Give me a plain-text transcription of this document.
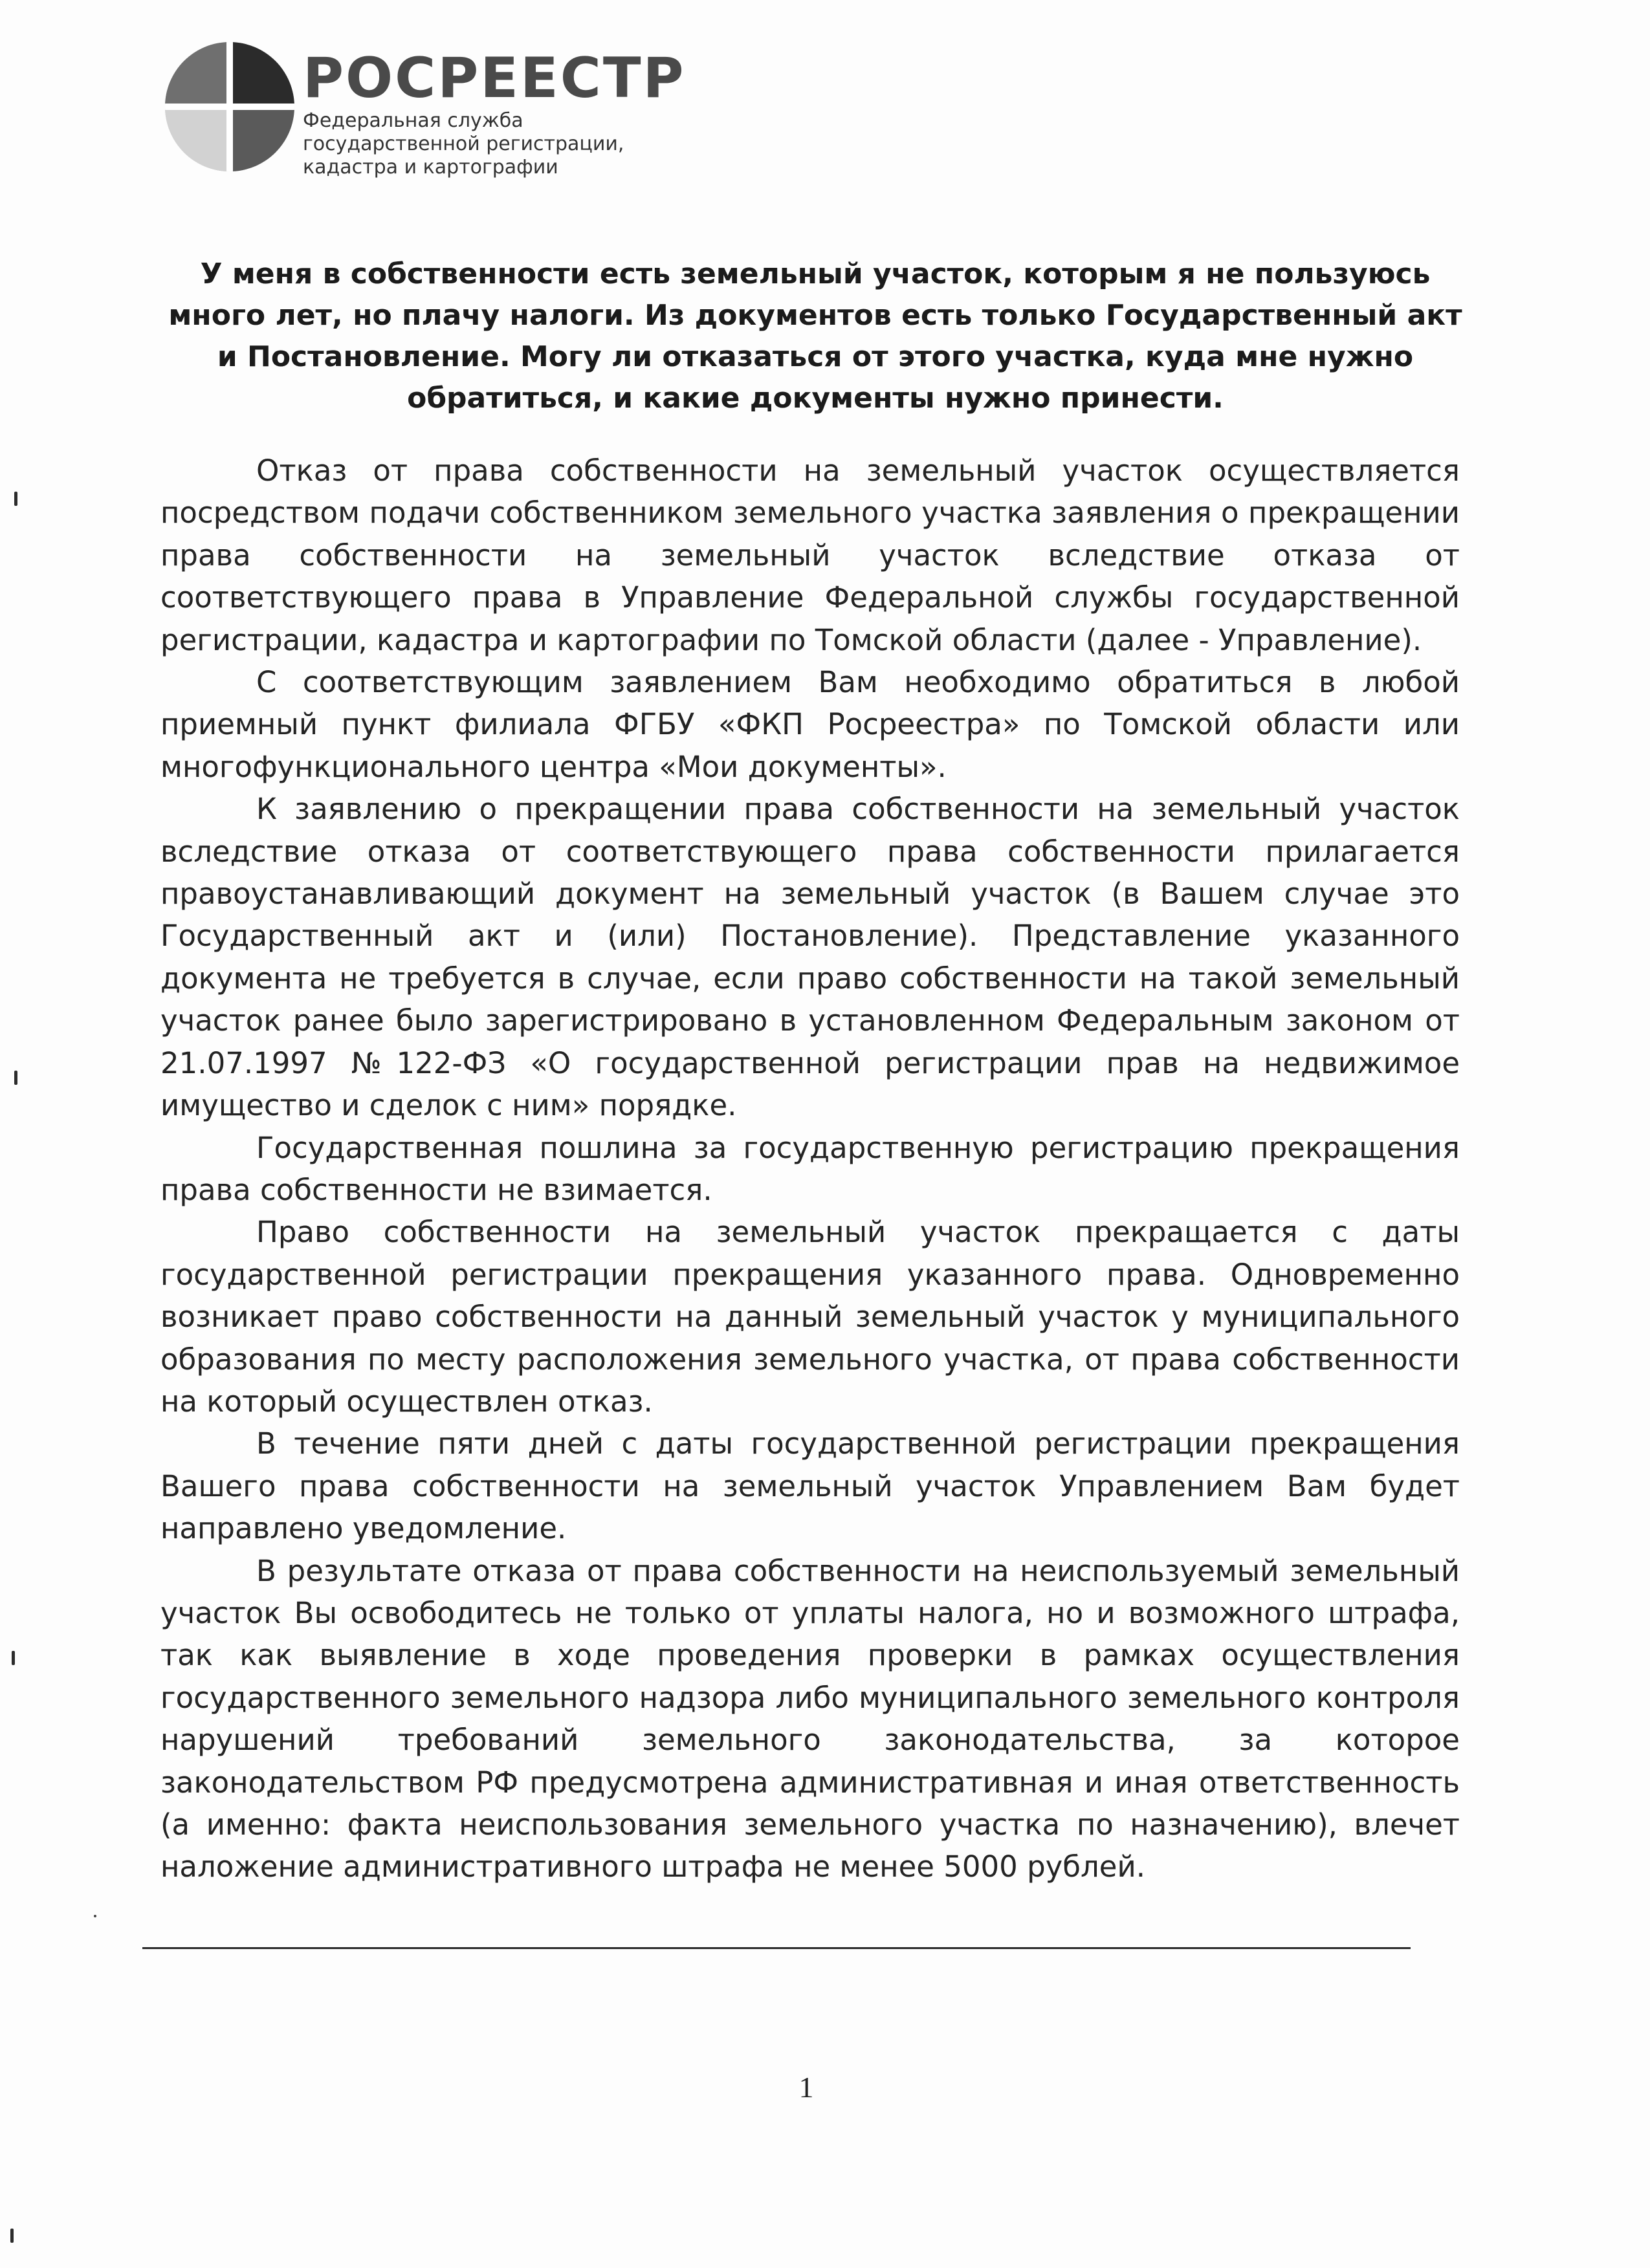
РОСРЕЕСТР
Федеральная служба
государственной регистрации,
кадастра и картографии
У меня в собственности есть земельный участок, которым я не пользуюсь много лет, но плачу налоги. Из документов есть только Государственный акт и Постановление. Могу ли отказаться от этого участка, куда мне нужно обратиться, и какие документы нужно принести.

Отказ от права собственности на земельный участок осуществляется посредством подачи собственником земельного участка заявления о прекращении права собственности на земельный участок вследствие отказа от соответствующего права в Управление Федеральной службы государственной регистрации, кадастра и картографии по Томской области (далее - Управление).

С соответствующим заявлением Вам необходимо обратиться в любой приемный пункт филиала ФГБУ «ФКП Росреестра» по Томской области или многофункционального центра «Мои документы».

К заявлению о прекращении права собственности на земельный участок вследствие отказа от соответствующего права собственности прилагается правоустанавливающий документ на земельный участок (в Вашем случае это Государственный акт и (или) Постановление). Представление указанного документа не требуется в случае, если право собственности на такой земельный участок ранее было зарегистрировано в установленном Федеральным законом от 21.07.1997 №122-ФЗ «О государственной регистрации прав на недвижимое имущество и сделок с ним» порядке.

Государственная пошлина за государственную регистрацию прекращения права собственности не взимается.

Право собственности на земельный участок прекращается с даты государственной регистрации прекращения указанного права. Одновременно возникает право собственности на данный земельный участок у муниципального образования по месту расположения земельного участка, от права собственности на который осуществлен отказ.

В течение пяти дней с даты государственной регистрации прекращения Вашего права собственности на земельный участок Управлением Вам будет направлено уведомление.

В результате отказа от права собственности на неиспользуемый земельный участок Вы освободитесь не только от уплаты налога, но и возможного штрафа, так как выявление в ходе проведения проверки в рамках осуществления государственного земельного надзора либо муниципального земельного контроля нарушений требований земельного законодательства, за которое законодательством РФ предусмотрена административная и иная ответственность (а именно: факта неиспользования земельного участка по назначению), влечет наложение административного штрафа не менее 5000 рублей.

1
